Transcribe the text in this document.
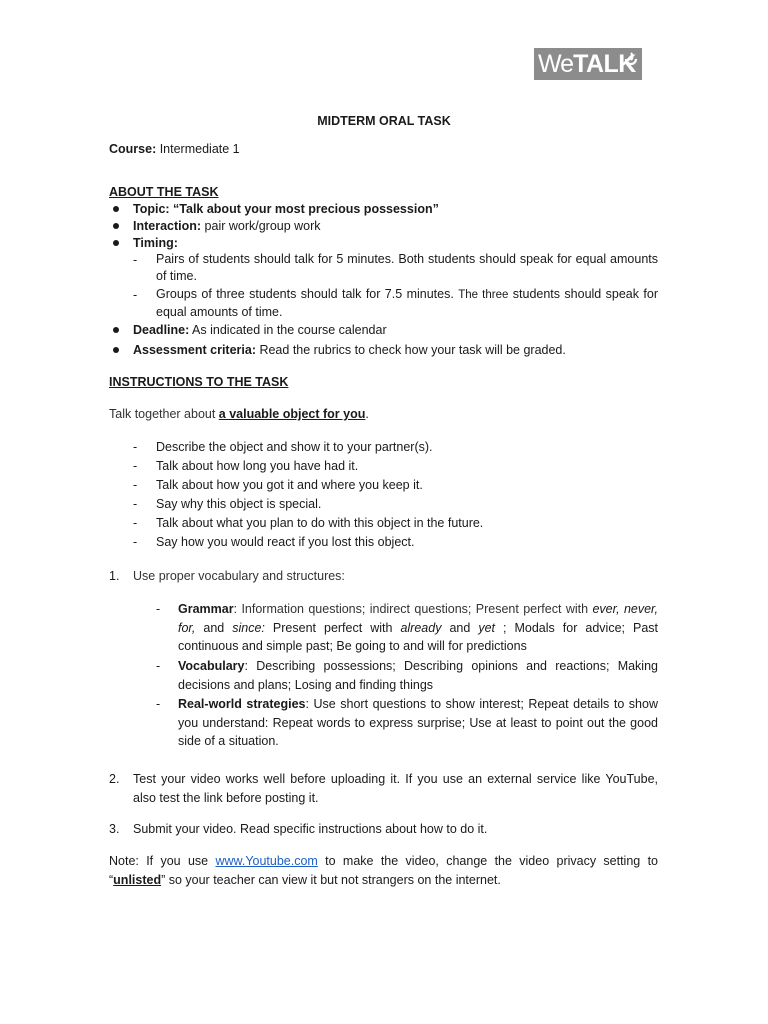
WeTALK
MIDTERM ORAL TASK
Course: Intermediate 1
ABOUT THE TASK
Topic: “Talk about your most precious possession”
Interaction: pair work/group work
Timing:
- Pairs of students should talk for 5 minutes. Both students should speak for equal amounts of time.
- Groups of three students should talk for 7.5 minutes. The three students should speak for equal amounts of time.
Deadline: As indicated in the course calendar
Assessment criteria: Read the rubrics to check how your task will be graded.
INSTRUCTIONS TO THE TASK
Talk together about a valuable object for you.
- Describe the object and show it to your partner(s).
- Talk about how long you have had it.
- Talk about how you got it and where you keep it.
- Say why this object is special.
- Talk about what you plan to do with this object in the future.
- Say how you would react if you lost this object.
1. Use proper vocabulary and structures:
- Grammar: Information questions; indirect questions; Present perfect with ever, never, for, and since: Present perfect with already and yet ; Modals for advice; Past continuous and simple past; Be going to and will for predictions
- Vocabulary: Describing possessions; Describing opinions and reactions; Making decisions and plans; Losing and finding things
- Real-world strategies: Use short questions to show interest; Repeat details to show you understand: Repeat words to express surprise; Use at least to point out the good side of a situation.
2. Test your video works well before uploading it. If you use an external service like YouTube, also test the link before posting it.
3. Submit your video. Read specific instructions about how to do it.
Note: If you use www.Youtube.com to make the video, change the video privacy setting to “unlisted” so your teacher can view it but not strangers on the internet.
